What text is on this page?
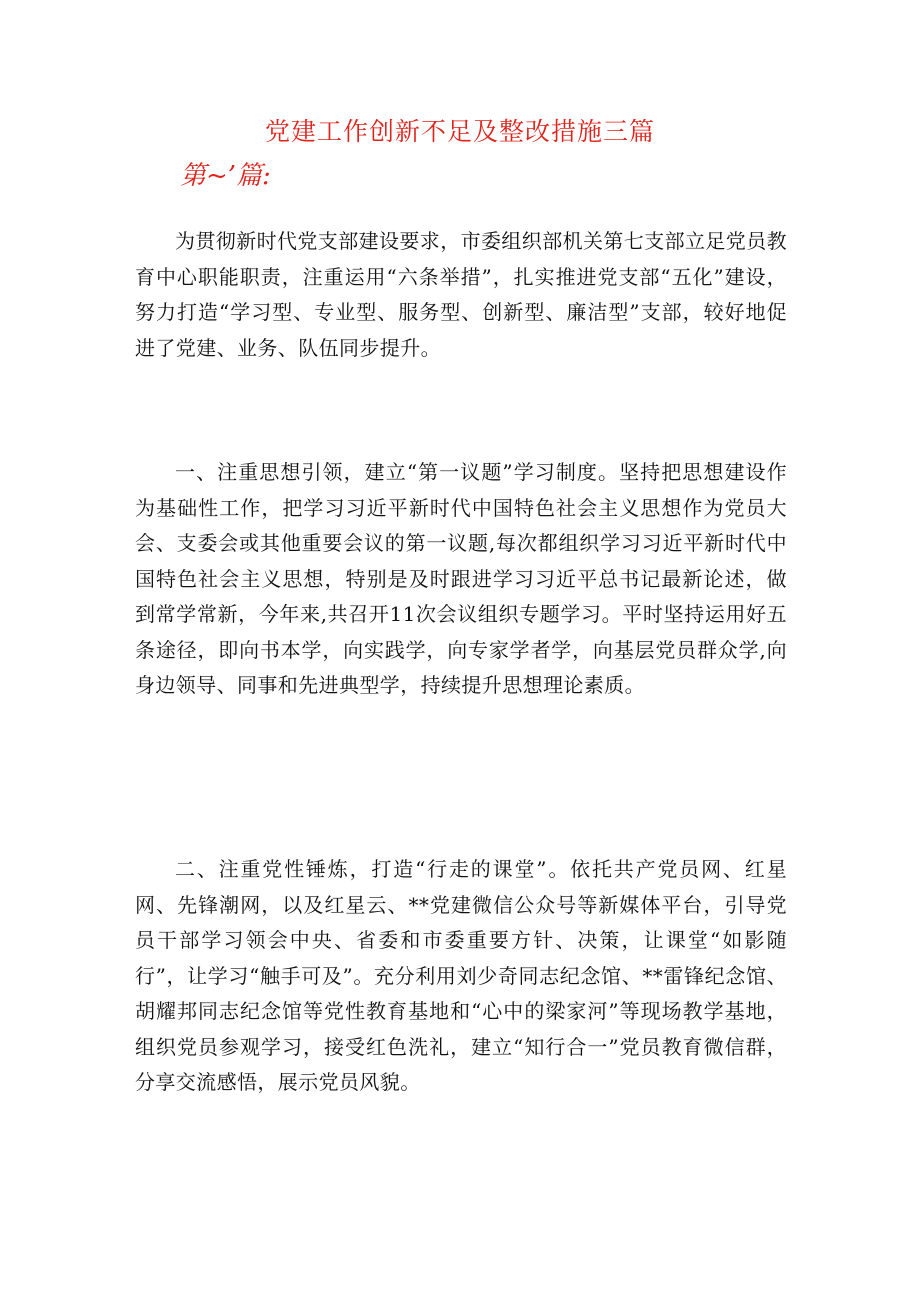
党建工作创新不足及整改措施三篇
第~’篇:

为贯彻新时代党支部建设要求，市委组织部机关第七支部立足党员教育中心职能职责，注重运用“六条举措”，扎实推进党支部“五化”建设，努力打造“学习型、专业型、服务型、创新型、廉洁型”支部，较好地促进了党建、业务、队伍同步提升。

一、注重思想引领，建立“第一议题”学习制度。坚持把思想建设作为基础性工作，把学习习近平新时代中国特色社会主义思想作为党员大会、支委会或其他重要会议的第一议题,每次都组织学习习近平新时代中国特色社会主义思想，特别是及时跟进学习习近平总书记最新论述，做到常学常新，今年来,共召开11次会议组织专题学习。平时坚持运用好五条途径，即向书本学，向实践学，向专家学者学，向基层党员群众学,向身边领导、同事和先进典型学，持续提升思想理论素质。

二、注重党性锤炼，打造“行走的课堂”。依托共产党员网、红星网、先锋潮网，以及红星云、**党建微信公众号等新媒体平台，引导党员干部学习领会中央、省委和市委重要方针、决策，让课堂“如影随行”，让学习“触手可及”。充分利用刘少奇同志纪念馆、**雷锋纪念馆、胡耀邦同志纪念馆等党性教育基地和“心中的梁家河”等现场教学基地，组织党员参观学习，接受红色洗礼，建立“知行合一”党员教育微信群，分享交流感悟，展示党员风貌。
